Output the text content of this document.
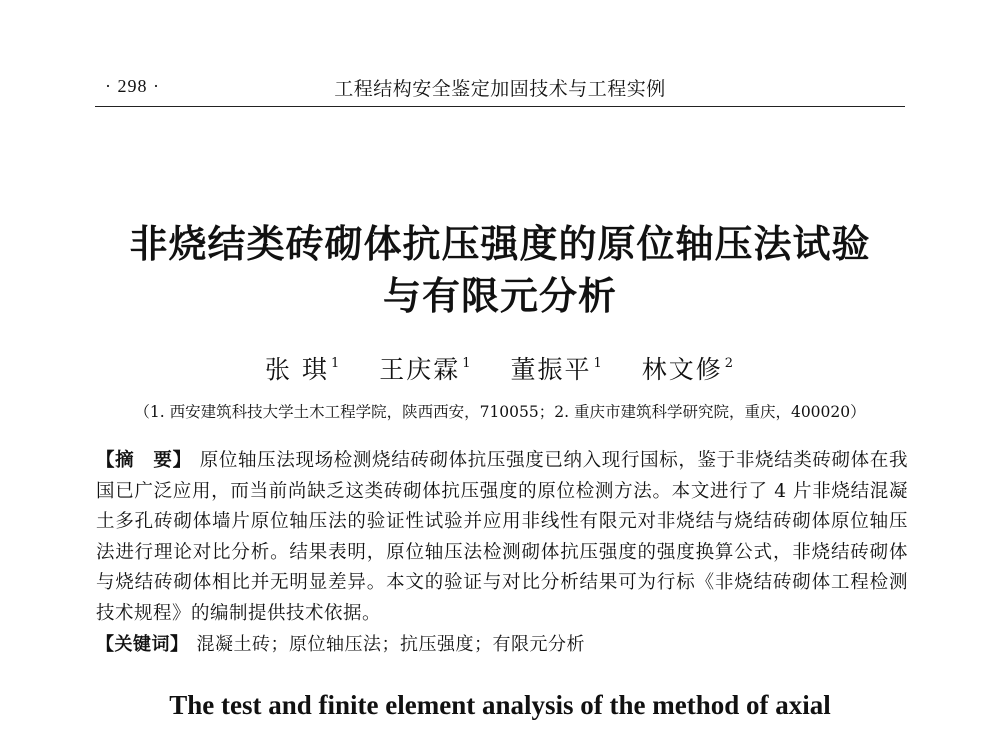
· 298 ·	工程结构安全鉴定加固技术与工程实例
非烧结类砖砌体抗压强度的原位轴压法试验
与有限元分析
张 琪 $^1$ 王庆霖 $^1$ 董振平 $^1$ 林文修 $^2$
（1. 西安建筑科技大学土木工程学院，陕西西安，710055；2. 重庆市建筑科学研究院，重庆，400020）
【摘　要】 原位轴压法现场检测烧结砖砌体抗压强度已纳入现行国标，鉴于非烧结类砖砌体在我国已广泛应用，而当前尚缺乏这类砖砌体抗压强度的原位检测方法。本文进行了 4 片非烧结混凝土多孔砖砌体墙片原位轴压法的验证性试验并应用非线性有限元对非烧结与烧结砖砌体原位轴压法进行理论对比分析。结果表明，原位轴压法检测砌体抗压强度的强度换算公式，非烧结砖砌体与烧结砖砌体相比并无明显差异。本文的验证与对比分析结果可为行标《非烧结砖砌体工程检测技术规程》的编制提供技术依据。
【关键词】 混凝土砖；原位轴压法；抗压强度；有限元分析
The test and finite element analysis of the method of axial
